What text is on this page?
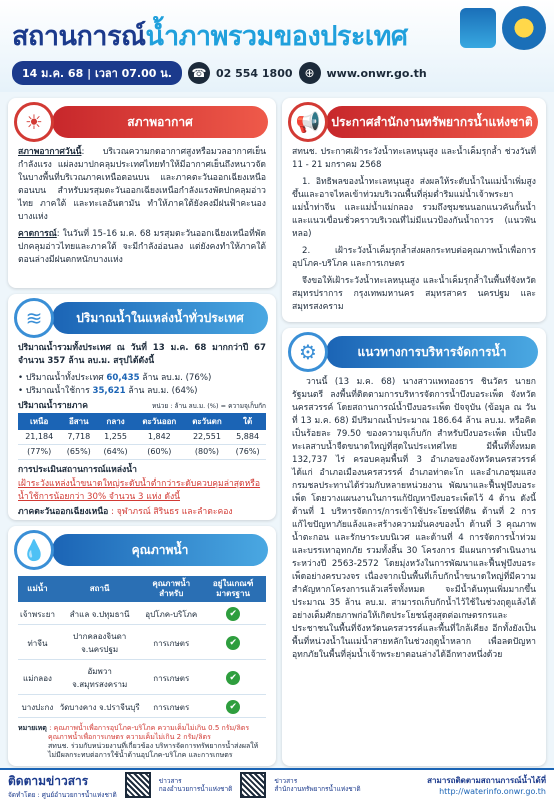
สถานการณ์น้ำภาพรวมของประเทศ
14 ม.ค. 68 | เวลา 07.00 น.	☎ 02 554 1800 ⊕	www.onwr.go.th
☀	สภาพอากาศ

สภาพอากาศวันนี้: บริเวณความกดอากาศสูงหรือมวลอากาศเย็นกำลังแรง แผ่ลงมาปกคลุมประเทศไทยทำให้มีอากาศเย็นถึงหนาวจัดในบางพื้นที่บริเวณภาคเหนือตอนบน และภาคตะวันออกเฉียงเหนือตอนบน สำหรับมรสุมตะวันออกเฉียงเหนือกำลังแรงพัดปกคลุมอ่าวไทย ภาคใต้ และทะเลอันดามัน ทำให้ภาคใต้ยังคงมีฝนฟ้าคะนองบางแห่ง

คาดการณ์: ในวันที่ 15-16 ม.ค. 68 มรสุมตะวันออกเฉียงเหนือที่พัดปกคลุมอ่าวไทยและภาคใต้ จะมีกำลังอ่อนลง แต่ยังคงทำให้ภาคใต้ตอนล่างมีฝนตกหนักบางแห่ง

≋	ปริมาณน้ำในแหล่งน้ำทั่วประเทศ

ปริมาณน้ำรวมทั้งประเทศ ณ วันที่ 13 ม.ค. 68 มากกว่าปี 67 จำนวน 357 ล้าน ลบ.ม. สรุปได้ดังนี้

• ปริมาณน้ำทั้งประเทศ 60,435 ล้าน ลบ.ม. (76%)
• ปริมาณน้ำใช้การ 35,621 ล้าน ลบ.ม. (64%)
ปริมาณน้ำรายภาค	หน่วย : ล้าน ลบ.ม. (%) = ความจุเก็บกัก
เหนือ	อีสาน	กลาง	ตะวันออก	ตะวันตก	ใต้
21,184	7,718	1,255	1,842	22,551	5,884
(77%)	(65%)	(64%)	(60%)	(80%)	(76%)

การประเมินสถานการณ์แหล่งน้ำ

เฝ้าระวังแหล่งน้ำขนาดใหญ่ระดับน้ำต่ำกว่าระดับควบคุมล่าสุดหรือน้ำใช้การน้อยกว่า 30% จำนวน 3 แห่ง ดังนี้

ภาคตะวันออกเฉียงเหนือ : จุฬาภรณ์ สิรินธร และลำตะคอง

💧	คุณภาพน้ำ
แม่น้ำ	สถานี	คุณภาพน้ำสำหรับ	อยู่ในเกณฑ์มาตรฐาน
เจ้าพระยา	สำแล จ.ปทุมธานี	อุปโภค-บริโภค	✔
ท่าจีน	ปากคลองจินดา จ.นครปฐม	การเกษตร	✔
แม่กลอง	อัมพวา จ.สมุทรสงคราม	การเกษตร	✔
บางปะกง	วัดบางคาง จ.ปราจีนบุรี	การเกษตร	✔
หมายเหตุ : คุณภาพน้ำเพื่อการอุปโภค-บริโภค ความเค็มไม่เกิน 0.5 กรัม/ลิตร
คุณภาพน้ำเพื่อการเกษตร ความเค็มไม่เกิน 2 กรัม/ลิตร
สทนช. ร่วมกับหน่วยงานที่เกี่ยวข้อง บริหารจัดการทรัพยากรน้ำส่งผลให้ไม่มีผลกระทบต่อการใช้น้ำด้านอุปโภค-บริโภค และการเกษตร
📢 ประกาศสำนักงานทรัพยากรน้ำแห่งชาติ

สทนช. ประกาศเฝ้าระวังน้ำทะเลหนุนสูง และน้ำเค็มรุกล้ำ ช่วงวันที่ 11 - 21 มกราคม 2568

1. อิทธิพลของน้ำทะเลหนุนสูง ส่งผลให้ระดับน้ำในแม่น้ำเพิ่มสูงขึ้นและอาจไหลเข้าท่วมบริเวณพื้นที่ลุ่มต่ำริมแม่น้ำเจ้าพระยา แม่น้ำท่าจีน และแม่น้ำแม่กลอง รวมถึงชุมชนนอกแนวคันกั้นน้ำ และแนวเขื่อนชั่วคราวบริเวณที่ไม่มีแนวป้องกันน้ำถาวร (แนวฟันหลอ)

2. เฝ้าระวังน้ำเค็มรุกล้ำส่งผลกระทบต่อคุณภาพน้ำเพื่อการอุปโภค-บริโภค และการเกษตร

จึงขอให้เฝ้าระวังน้ำทะเลหนุนสูง และน้ำเค็มรุกล้ำในพื้นที่จังหวัดสมุทรปราการ กรุงเทพมหานคร สมุทรสาคร นครปฐม และสมุทรสงคราม

⚙	แนวทางการบริหารจัดการน้ำ

วานนี้ (13 ม.ค. 68) นางสาวแพทองธาร ชินวัตร นายกรัฐมนตรี ลงพื้นที่ติดตามการบริหารจัดการน้ำบึงบอระเพ็ด จังหวัดนครสวรรค์ โดยสถานการณ์น้ำบึงบอระเพ็ด ปัจจุบัน (ข้อมูล ณ วันที่ 13 ม.ค. 68) มีปริมาณน้ำประมาณ 186.64 ล้าน ลบ.ม. หรือคิดเป็นร้อยละ 79.50 ของความจุเก็บกัก สำหรับบึงบอระเพ็ด เป็นบึงทะเลสาบน้ำจืดขนาดใหญ่ที่สุดในประเทศไทย มีพื้นที่ทั้งหมด 132,737 ไร่ ครอบคลุมพื้นที่ 3 อำเภอของจังหวัดนครสวรรค์ ได้แก่ อำเภอเมืองนครสวรรค์ อำเภอท่าตะโก และอำเภอชุมแสง กรมชลประทานได้ร่วมกับหลายหน่วยงาน พัฒนาและฟื้นฟูบึงบอระเพ็ด โดยวางแผนงานในการแก้ปัญหาบึงบอระเพ็ดไว้ 4 ด้าน ดังนี้ ด้านที่ 1 บริหารจัดการ/การเข้าใช้ประโยชน์ที่ดิน ด้านที่ 2 การแก้ไขปัญหาภัยแล้งและสร้างความมั่นคงของน้ำ ด้านที่ 3 คุณภาพน้ำตะกอน และรักษาระบบนิเวศ และด้านที่ 4 การจัดการน้ำท่วม และบรรเทาอุทกภัย รวมทั้งสิ้น 30 โครงการ มีแผนการดำเนินงานระหว่างปี 2563-2572 โดยมุ่งหวังในการพัฒนาและฟื้นฟูบึงบอระเพ็ดอย่างครบวงจร เนื่องจากเป็นพื้นที่เก็บกักน้ำขนาดใหญ่ที่มีความสำคัญหากโครงการแล้วเสร็จทั้งหมด จะมีน้ำต้นทุนเพิ่มมากขึ้นประมาณ 35 ล้าน ลบ.ม. สามารถเก็บกักน้ำไว้ใช้ในช่วงฤดูแล้งได้อย่างเต็มศักยภาพก่อให้เกิดประโยชน์สูงสุดต่อเกษตรกรและประชาชนในพื้นที่จังหวัดนครสวรรค์และพื้นที่ใกล้เคียง อีกทั้งยังเป็นพื้นที่หน่วงน้ำในแม่น้ำสายหลักในช่วงฤดูน้ำหลาก เพื่อลดปัญหาอุทกภัยในพื้นที่ลุ่มน้ำเจ้าพระยาตอนล่างได้อีกทางหนึ่งด้วย

ติดตามข่าวสาร
จัดทำโดย : ศูนย์อำนวยการน้ำแห่งชาติ
ข่าวสาร
กองอำนวยการน้ำแห่งชาติ
ข่าวสาร
สำนักงานทรัพยากรน้ำแห่งชาติ
สามารถติดตามสถานการณ์น้ำได้ที่
http://waterinfo.onwr.go.th
